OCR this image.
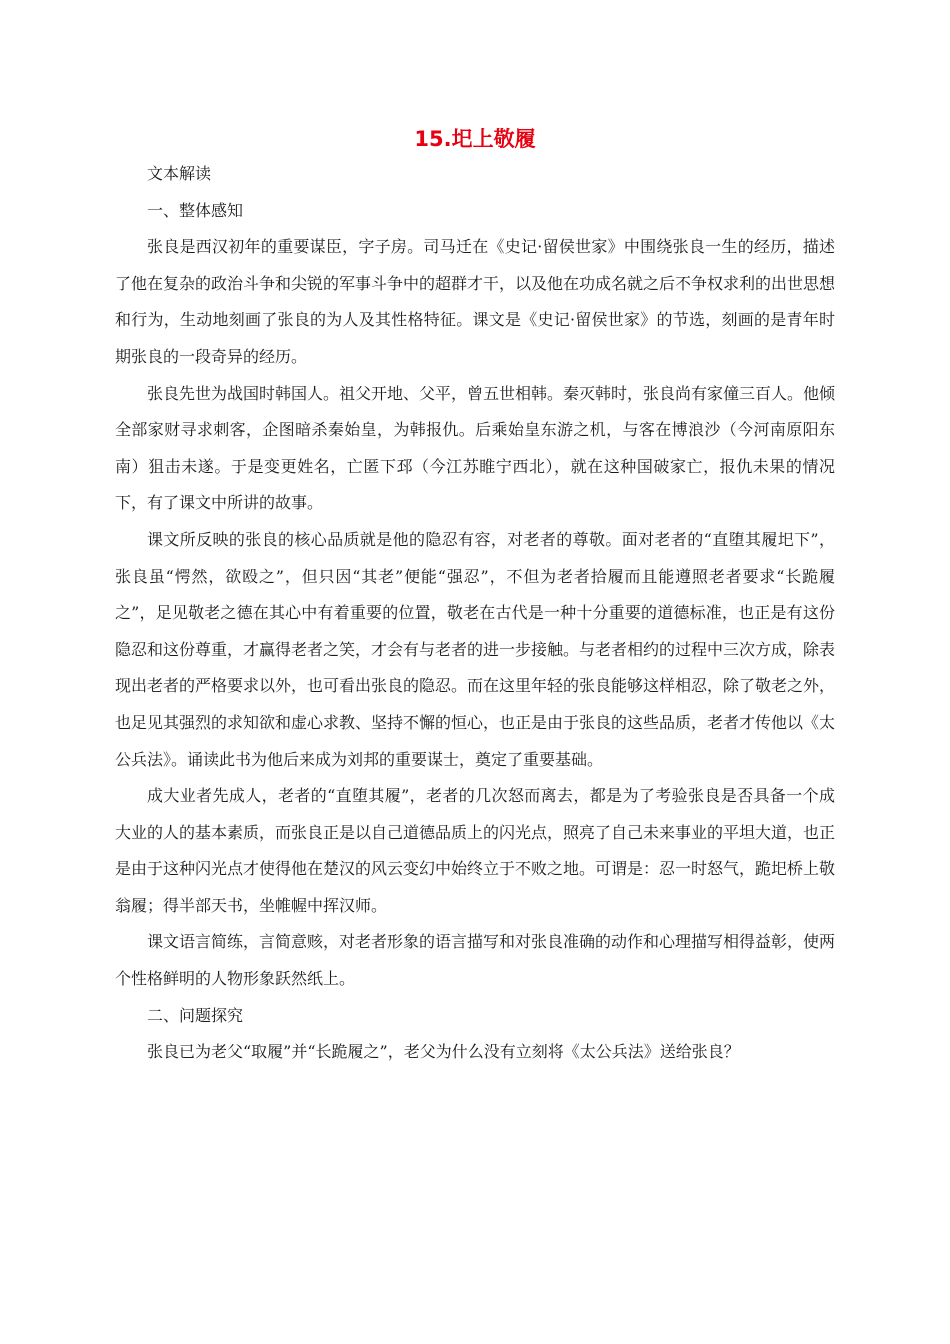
15.圯上敬履

文本解读

一、整体感知

张良是西汉初年的重要谋臣，字子房。司马迁在《史记·留侯世家》中围绕张良一生的经历，描述了他在复杂的政治斗争和尖锐的军事斗争中的超群才干，以及他在功成名就之后不争权求利的出世思想和行为，生动地刻画了张良的为人及其性格特征。课文是《史记·留侯世家》的节选，刻画的是青年时期张良的一段奇异的经历。

张良先世为战国时韩国人。祖父开地、父平，曾五世相韩。秦灭韩时，张良尚有家僮三百人。他倾全部家财寻求刺客，企图暗杀秦始皇，为韩报仇。后乘始皇东游之机，与客在博浪沙（今河南原阳东南）狙击未遂。于是变更姓名，亡匿下邳（今江苏睢宁西北），就在这种国破家亡，报仇未果的情况下，有了课文中所讲的故事。

课文所反映的张良的核心品质就是他的隐忍有容，对老者的尊敬。面对老者的“直堕其履圯下”，张良虽“愕然，欲殴之”，但只因“其老”便能“强忍”，不但为老者拾履而且能遵照老者要求“长跪履之”，足见敬老之德在其心中有着重要的位置，敬老在古代是一种十分重要的道德标准，也正是有这份隐忍和这份尊重，才赢得老者之笑，才会有与老者的进一步接触。与老者相约的过程中三次方成，除表现出老者的严格要求以外，也可看出张良的隐忍。而在这里年轻的张良能够这样相忍，除了敬老之外，也足见其强烈的求知欲和虚心求教、坚持不懈的恒心，也正是由于张良的这些品质，老者才传他以《太公兵法》。诵读此书为他后来成为刘邦的重要谋士，奠定了重要基础。

成大业者先成人，老者的“直堕其履”，老者的几次怒而离去，都是为了考验张良是否具备一个成大业的人的基本素质，而张良正是以自己道德品质上的闪光点，照亮了自己未来事业的平坦大道，也正是由于这种闪光点才使得他在楚汉的风云变幻中始终立于不败之地。可谓是：忍一时怒气，跪圯桥上敬翁履；得半部天书，坐帷幄中挥汉师。

课文语言简练，言简意赅，对老者形象的语言描写和对张良准确的动作和心理描写相得益彰，使两个性格鲜明的人物形象跃然纸上。

二、问题探究

张良已为老父“取履”并“长跪履之”，老父为什么没有立刻将《太公兵法》送给张良？
